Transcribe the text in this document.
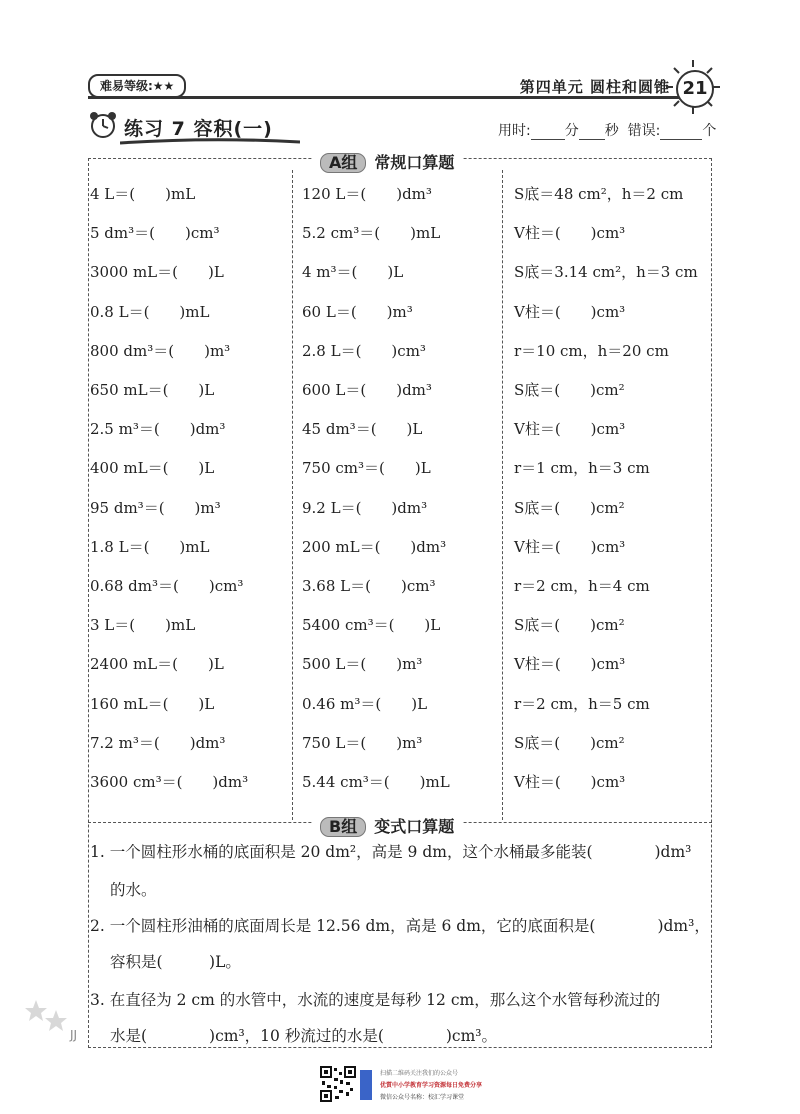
难易等级:★★	第四单元 圆柱和圆锥 21
练习 7 容积(一)	用时: 分 秒 错误:	个
A组 常规口算题
4 L＝(　　)mL
5 dm³＝(　　)cm³
3000 mL＝(　　)L
0.8 L＝(　　)mL
800 dm³＝(　　)m³
650 mL＝(　　)L
2.5 m³＝(　　)dm³
400 mL＝(　　)L
95 dm³＝(　　)m³
1.8 L＝(　　)mL
0.68 dm³＝(　　)cm³
3 L＝(　　)mL
2400 mL＝(　　)L
160 mL＝(　　)L
7.2 m³＝(　　)dm³
3600 cm³＝(　　)dm³
120 L＝(　　)dm³
5.2 cm³＝(　　)mL
4 m³＝(　　)L
60 L＝(　　)m³
2.8 L＝(　　)cm³
600 L＝(　　)dm³
45 dm³＝(　　)L
750 cm³＝(　　)L
9.2 L＝(　　)dm³
200 mL＝(　　)dm³
3.68 L＝(　　)cm³
5400 cm³＝(　　)L
500 L＝(　　)m³
0.46 m³＝(　　)L
750 L＝(　　)m³
5.44 cm³＝(　　)mL
S底＝48 cm²，h＝2 cm
V柱＝(　　)cm³
S底＝3.14 cm²，h＝3 cm
V柱＝(　　)cm³
r＝10 cm，h＝20 cm
S底＝(　　)cm²
V柱＝(　　)cm³
r＝1 cm，h＝3 cm
S底＝(　　)cm²
V柱＝(　　)cm³
r＝2 cm，h＝4 cm
S底＝(　　)cm²
V柱＝(　　)cm³
r＝2 cm，h＝5 cm
S底＝(　　)cm²
V柱＝(　　)cm³
B组 变式口算题
1. 一个圆柱形水桶的底面积是 20 dm²，高是 9 dm，这个水桶最多能装(　　　　)dm³
的水。
2. 一个圆柱形油桶的底面周长是 12.56 dm，高是 6 dm，它的底面积是(　　　　)dm³，
容积是(　　　)L。
3. 在直径为 2 cm 的水管中，水流的速度是每秒 12 cm，那么这个水管每秒流过的
水是(　　　　)cm³，10 秒流过的水是(　　　　)cm³。
JJ
扫描二维码关注我们的公众号
优質中小学教育学习资源每日免费分享
微信公众号名称：校汇学习课堂
